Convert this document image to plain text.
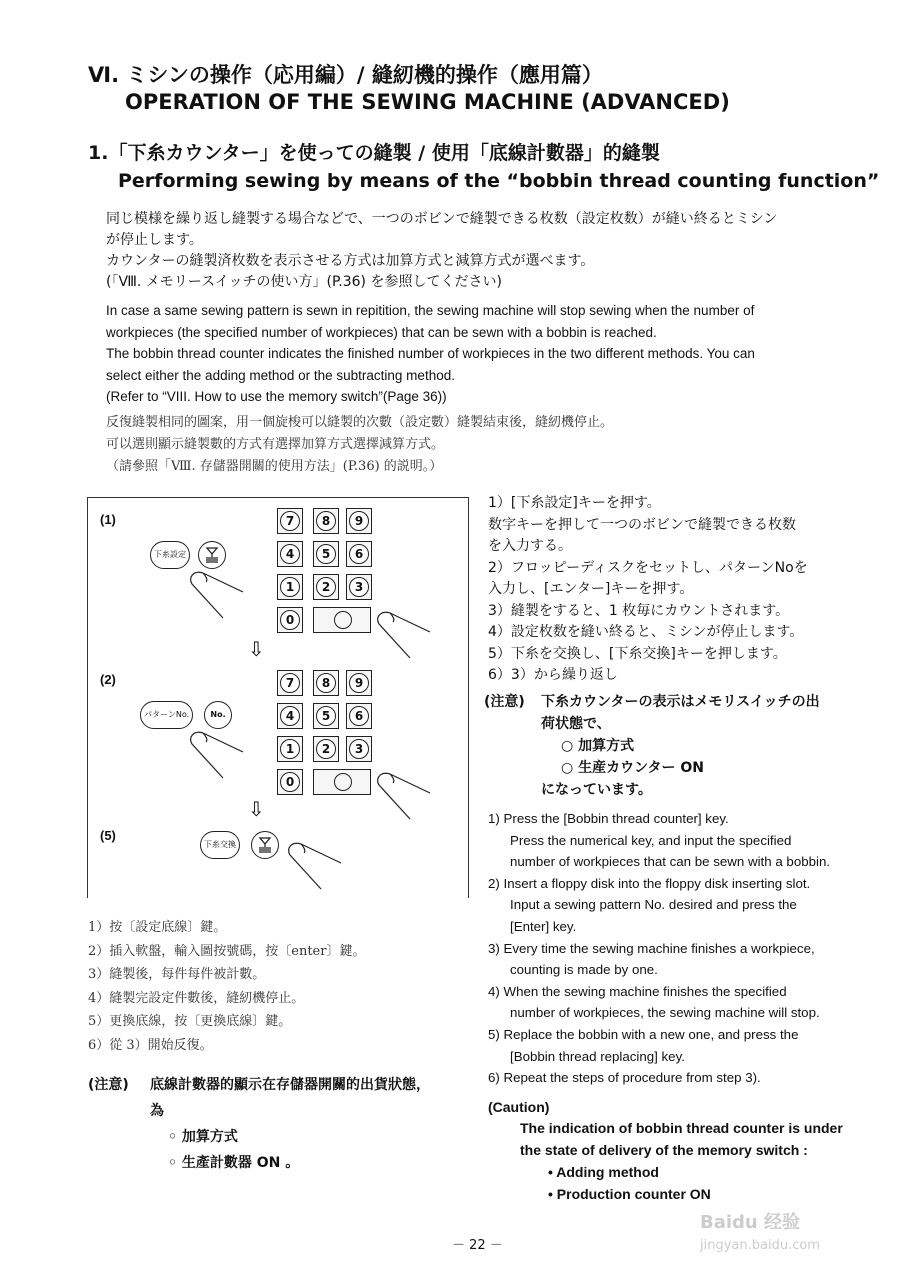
Ⅵ. ミシンの操作（応用編）/ 縫紉機的操作（應用篇）
OPERATION OF THE SEWING MACHINE (ADVANCED)
1.「下糸カウンター」を使っての縫製 / 使用「底線計數器」的縫製
Performing sewing by means of the “bobbin thread counting function”
同じ模様を繰り返し縫製する場合などで、一つのボビンで縫製できる枚数（設定枚数）が縫い終るとミシン
が停止します。
カウンターの縫製済枚数を表示させる方式は加算方式と減算方式が選べます。
(「Ⅷ. メモリースイッチの使い方」(P.36) を参照してください)
In case a same sewing pattern is sewn in repitition, the sewing machine will stop sewing when the number of
workpieces (the specified number of workpieces) that can be sewn with a bobbin is reached.
The bobbin thread counter indicates the finished number of workpieces in the two different methods. You can
select either the adding method or the subtracting method.
(Refer to “VIII. How to use the memory switch”(Page 36))
反復縫製相同的圖案，用一個旋梭可以縫製的次數（設定數）縫製結束後，縫紉機停止。
可以選則顯示縫製數的方式有選擇加算方式選擇減算方式。
（請參照「Ⅷ. 存儲器開關的使用方法」(P.36) 的説明。）
(1)
(2)
(5)
下糸設定
パターンNo.	No.
下糸交換
⇩
⇩
7	8	9
4	5	6
1	2	3
0
7	8	9
4	5	6
1	2	3
0
1）[下糸設定]キーを押す。
数字キーを押して一つのボビンで縫製できる枚数
を入力する。
2）フロッピーディスクをセットし、パターンNoを
入力し、[エンター]キーを押す。
3）縫製をすると、1 枚毎にカウントされます。
4）設定枚数を縫い終ると、ミシンが停止します。
5）下糸を交換し、[下糸交換]キーを押します。
6）3）から繰り返し
(注意) 下糸カウンターの表示はメモリスイッチの出
荷状態で、
○ 加算方式
○ 生産カウンター ON
になっています。
1) Press the [Bobbin thread counter] key.
Press the numerical key, and input the specified
number of workpieces that can be sewn with a bobbin.
2) Insert a floppy disk into the floppy disk inserting slot.
Input a sewing pattern No. desired and press the
[Enter] key.
3) Every time the sewing machine finishes a workpiece,
counting is made by one.
4) When the sewing machine finishes the specified
number of workpieces, the sewing machine will stop.
5) Replace the bobbin with a new one, and press the
[Bobbin thread replacing] key.
6) Repeat the steps of procedure from step 3).
(Caution)
The indication of bobbin thread counter is under
the state of delivery of the memory switch :
• Adding method
• Production counter ON
1）按〔設定底線〕鍵。
2）插入軟盤，輸入圖按號碼，按〔enter〕鍵。
3）縫製後，每件每件被計數。
4）縫製完設定件數後，縫紉機停止。
5）更換底線，按〔更換底線〕鍵。
6）從 3）開始反復。
(注意) 底線計數器的顯示在存儲器開關的出貨狀態，
為
◦ 加算方式
◦ 生產計數器 ON 。
－ 22 －
Baidu 经验
jingyan.baidu.com
